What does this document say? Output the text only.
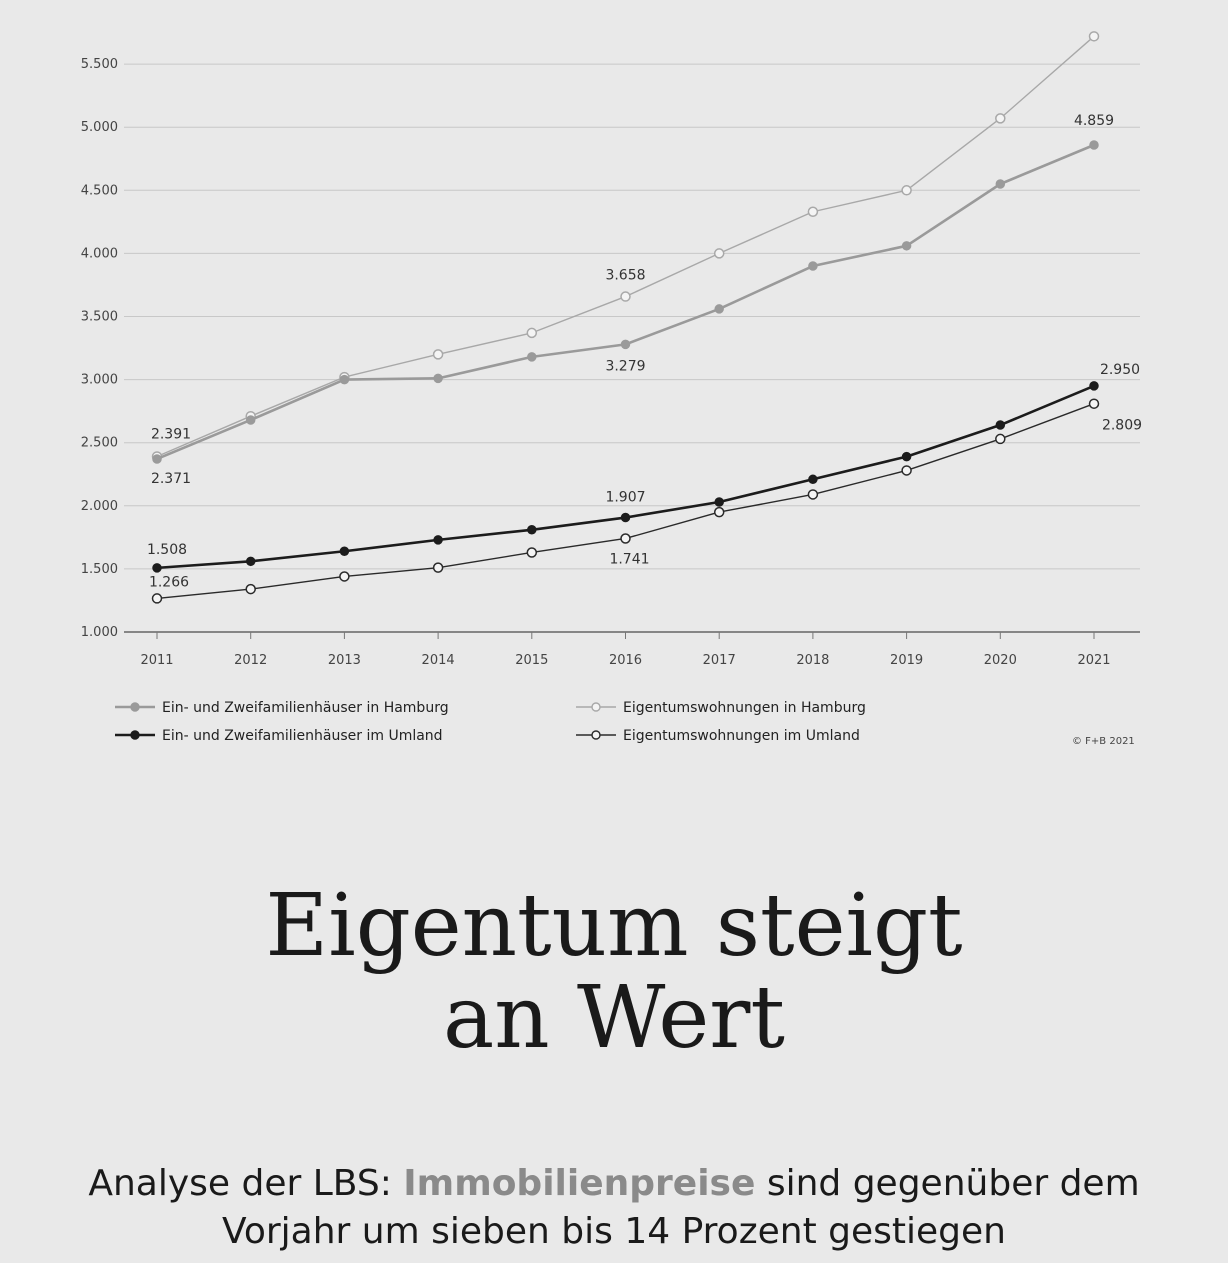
1.000
1.500
2.000
2.500
3.000
3.500
4.000
4.500
5.000
5.500
2011	2012	2013	2014	2015	2016	2017	2018	2019	2020	2021
2.371
3.279
4.859
2.391
3.658
1.508
1.907
2.950
1.741
1.266
2.809
Ein- und Zweifamilienhäuser in Hamburg
Ein- und Zweifamilienhäuser im Umland
Eigentumswohnungen in Hamburg
Eigentumswohnungen im Umland	© F+B 2021
Eigentum steigt
an Wert
Analyse der LBS: Immobilienpreise sind gegenüber dem
Vorjahr um sieben bis 14 Prozent gestiegen
